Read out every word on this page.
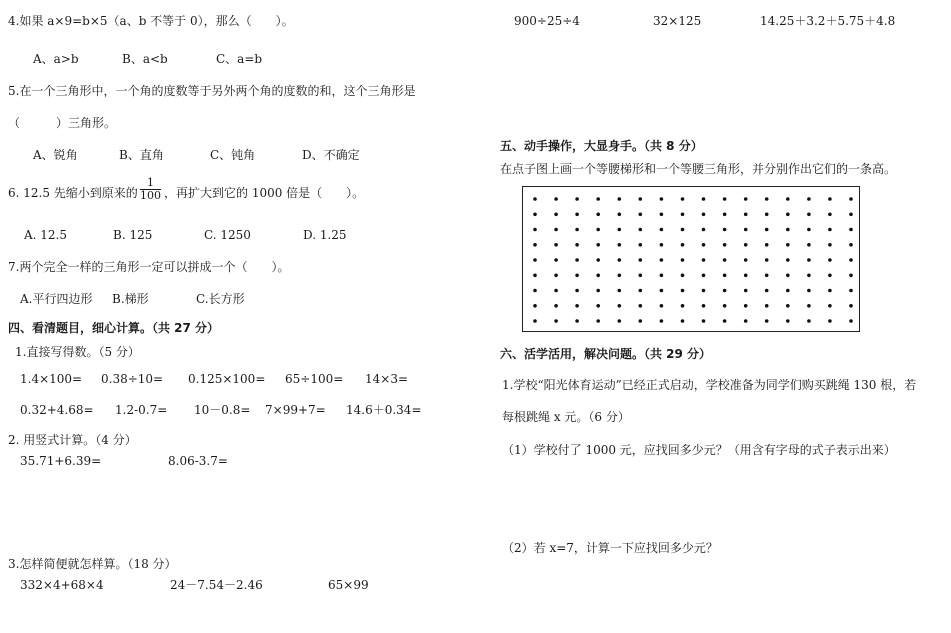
4.如果 a×9=b×5（a、b 不等于 0），那么（　　）。
A、a>b	B、a<b	C、a=b
5.在一个三角形中，一个角的度数等于另外两个角的度数的和，这个三角形是
（　　　）三角形。
A、锐角	B、直角	C、钝角	D、不确定
6. 12.5 先缩小到原来的 $\frac{1}{100}$ ，再扩大到它的 1000 倍是（　　）。
A. 12.5	B. 125	C. 1250	D. 1.25
7.两个完全一样的三角形一定可以拼成一个（　　）。
A.平行四边形 B.梯形	C.长方形
四、看清题目，细心计算。（共 27 分）
1.直接写得数。（5 分）
1.4×100= 0.38÷10= 0.125×100= 65÷100= 14×3=
0.32+4.68= 1.2-0.7= 10－0.8= 7×99+7= 14.6＋0.34=
2. 用竖式计算。（4 分）
35.71+6.39=	8.06-3.7=
3.怎样简便就怎样算。（18 分）
332×4+68×4	24－7.54－2.46	65×99
900÷25÷4	32×125	14.25＋3.2＋5.75＋4.8
五、动手操作，大显身手。（共 8 分）
在点子图上画一个等腰梯形和一个等腰三角形，并分别作出它们的一条高。
六、活学活用，解决问题。（共 29 分）
1.学校“阳光体育运动”已经正式启动，学校准备为同学们购买跳绳 130 根，若
每根跳绳 x 元。（6 分）
（1）学校付了 1000 元，应找回多少元？（用含有字母的式子表示出来）
（2）若 x=7，计算一下应找回多少元？
